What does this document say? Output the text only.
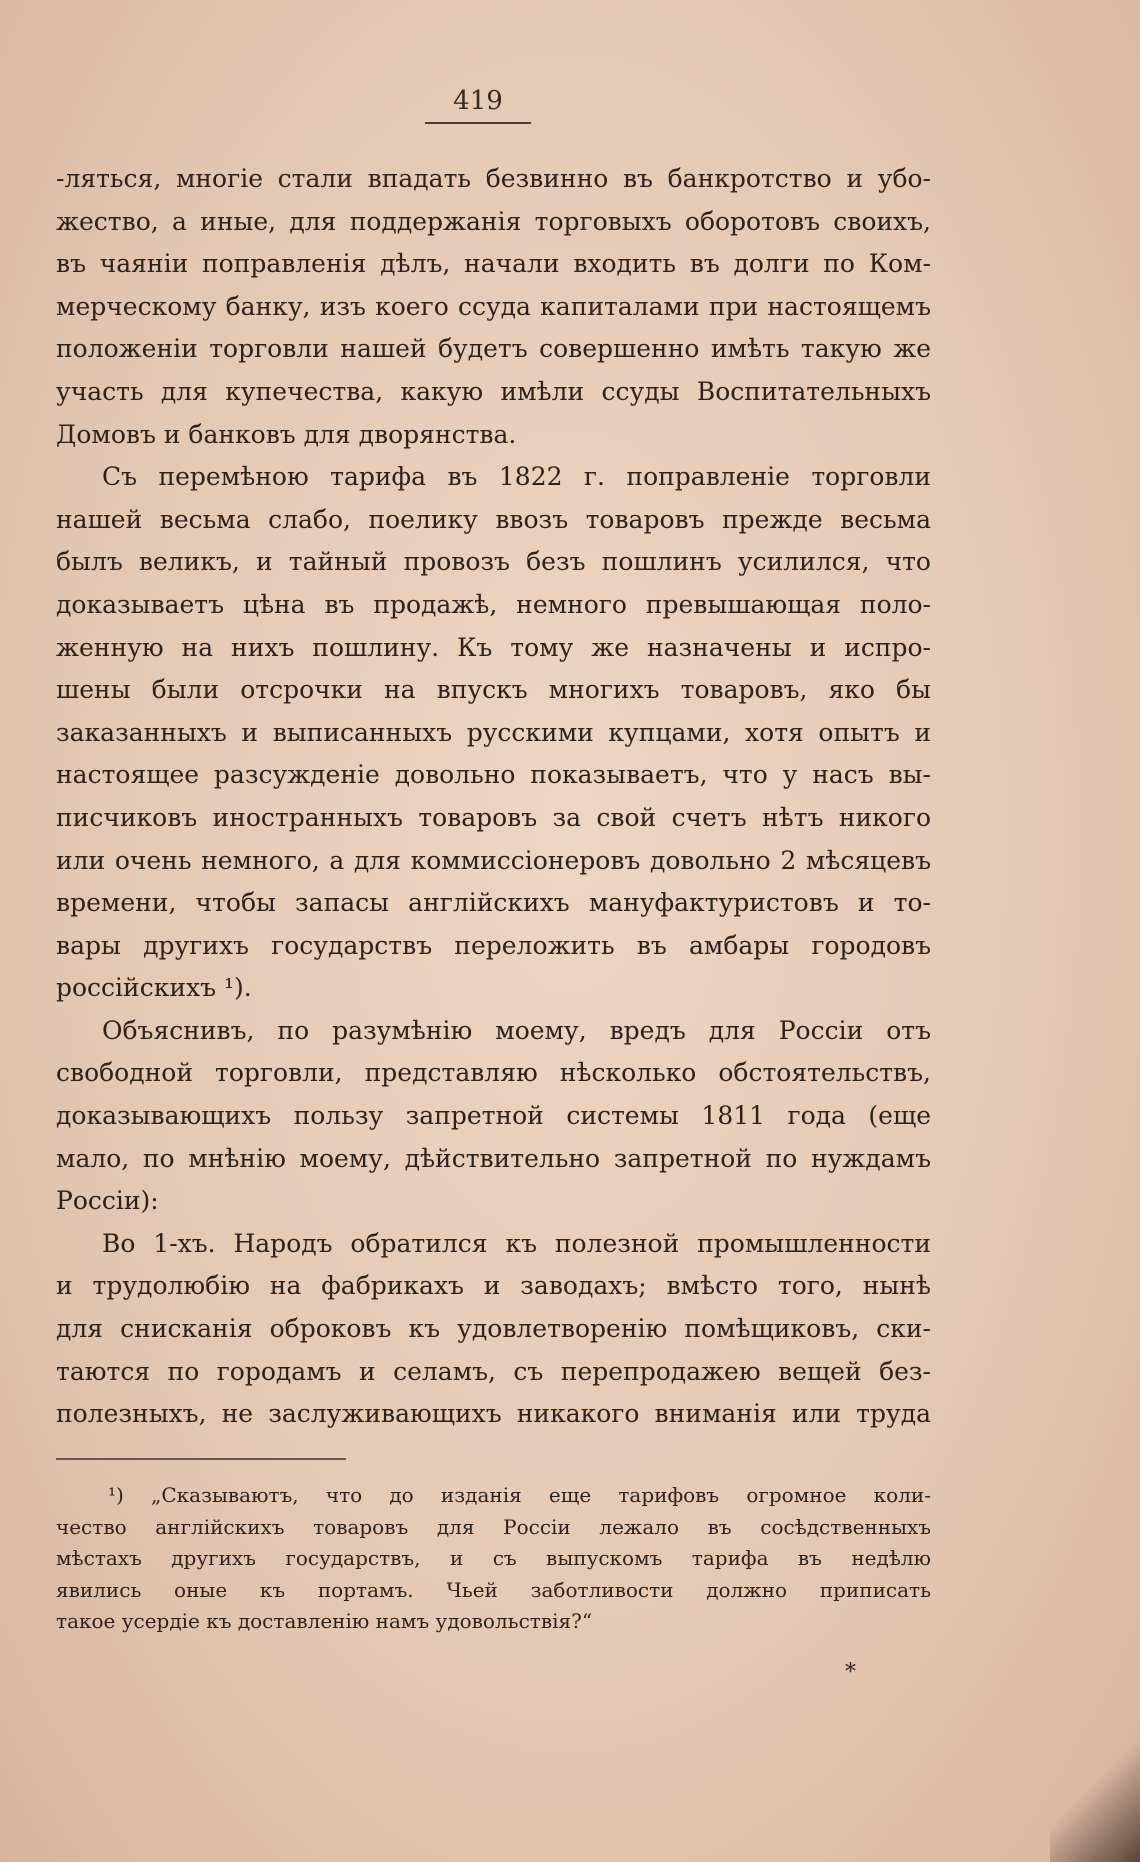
419
-ляться, многіе стали впадать безвинно въ банкротство и убо-
жество, а иные, для поддержанія торговыхъ оборотовъ своихъ,
въ чаяніи поправленія дѣлъ, начали входить въ долги по Ком-
мерческому банку, изъ коего ссуда капиталами при настоящемъ
положеніи торговли нашей будетъ совершенно имѣть такую же
участь для купечества, какую имѣли ссуды Воспитательныхъ
Домовъ и банковъ для дворянства.
Съ перемѣною тарифа въ 1822 г. поправленіе торговли
нашей весьма слабо, поелику ввозъ товаровъ прежде весьма
былъ великъ, и тайный провозъ безъ пошлинъ усилился, что
доказываетъ цѣна въ продажѣ, немного превышающая поло-
женную на нихъ пошлину. Къ тому же назначены и испро-
шены были отсрочки на впускъ многихъ товаровъ, яко бы
заказанныхъ и выписанныхъ русскими купцами, хотя опытъ и
настоящее разсужденіе довольно показываетъ, что у насъ вы-
писчиковъ иностранныхъ товаровъ за свой счетъ нѣтъ никого
или очень немного, а для коммиссіонеровъ довольно 2 мѣсяцевъ
времени, чтобы запасы англійскихъ мануфактуристовъ и то-
вары другихъ государствъ переложить въ амбары городовъ
россійскихъ ¹).
Объяснивъ, по разумѣнію моему, вредъ для Россіи отъ
свободной торговли, представляю нѣсколько обстоятельствъ,
доказывающихъ пользу запретной системы 1811 года (еще
мало, по мнѣнію моему, дѣйствительно запретной по нуждамъ
Россіи):
Во 1-хъ. Народъ обратился къ полезной промышленности
и трудолюбію на фабрикахъ и заводахъ; вмѣсто того, нынѣ
для снисканія оброковъ къ удовлетворенію помѣщиковъ, ски-
таются по городамъ и селамъ, съ перепродажею вещей без-
полезныхъ, не заслуживающихъ никакого вниманія или труда
¹) „Сказываютъ, что до изданія еще тарифовъ огромное коли-
чество англійскихъ товаровъ для Россіи лежало въ сосѣдственныхъ
мѣстахъ другихъ государствъ, и съ выпускомъ тарифа въ недѣлю
явились оные къ портамъ. Чьей заботливости должно приписать
такое усердіе къ доставленію намъ удовольствія?“
*
